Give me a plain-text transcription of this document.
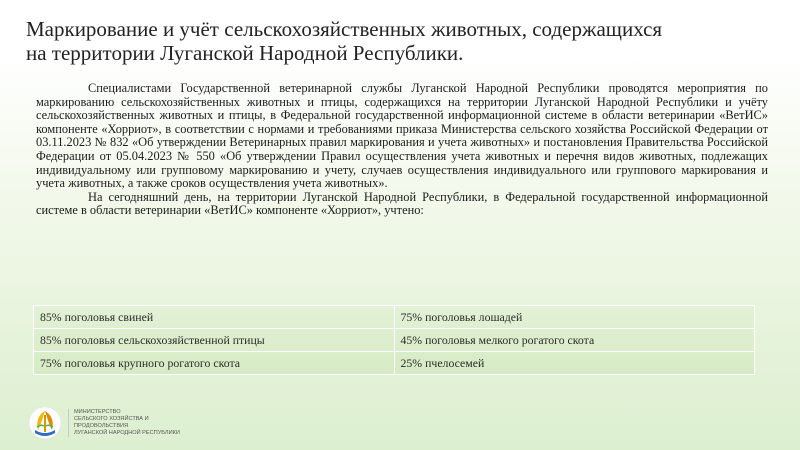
Маркирование и учёт сельскохозяйственных животных, содержащихся
на территории Луганской Народной Республики.

Специалистами Государственной ветеринарной службы Луганской Народной Республики проводятся мероприятия по маркированию сельскохозяйственных животных и птицы, содержащихся на территории Луганской Народной Республики и учёту сельскохозяйственных животных и птицы, в Федеральной государственной информационной системе в области ветеринарии «ВетИС» компоненте «Хорриот», в соответствии с нормами и требованиями приказа Министерства сельского хозяйства Российской Федерации от 03.11.2023 № 832 «Об утверждении Ветеринарных правил маркирования и учета животных» и постановления Правительства Российской Федерации от 05.04.2023 № 550 «Об утверждении Правил осуществления учета животных и перечня видов животных, подлежащих индивидуальному или групповому маркированию и учету, случаев осуществления индивидуального или группового маркирования и учета животных, а также сроков осуществления учета животных».

На сегодняшний день, на территории Луганской Народной Республики, в Федеральной государственной информационной системе в области ветеринарии «ВетИС» компоненте «Хорриот», учтено:

85% поголовья свиней	75% поголовья лошадей
85% поголовья сельскохозяйственной птицы	45% поголовья мелкого рогатого скота
75% поголовья крупного рогатого скота	25% пчелосемей
МИНИСТЕРСТВО
СЕЛЬСКОГО ХОЗЯЙСТВА И ПРОДОВОЛЬСТВИЯ
ЛУГАНСКОЙ НАРОДНОЙ РЕСПУБЛИКИ
